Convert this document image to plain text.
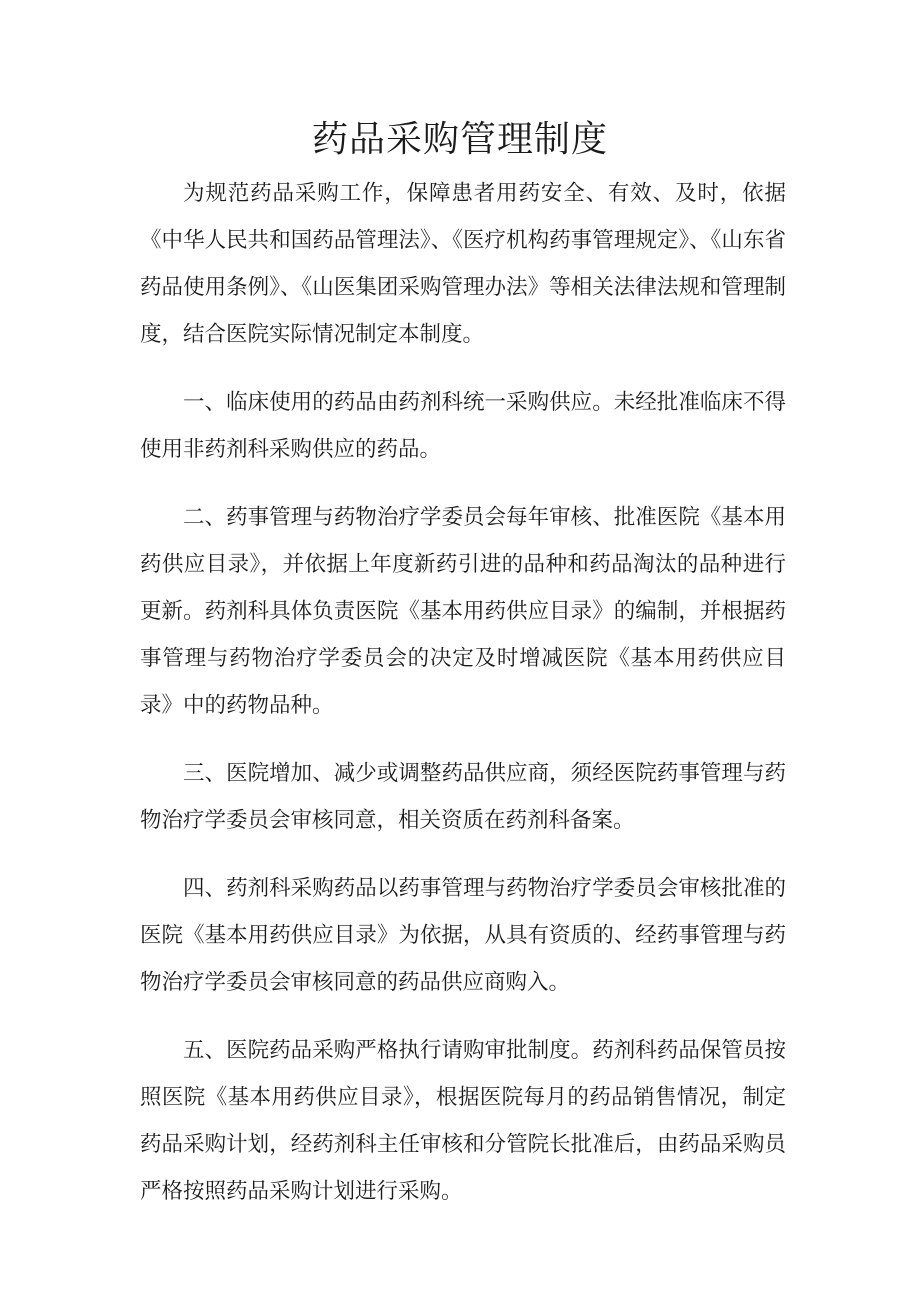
药品采购管理制度

为规范药品采购工作，保障患者用药安全、有效、及时，依据《中华人民共和国药品管理法》、《医疗机构药事管理规定》、《山东省药品使用条例》、《山医集团采购管理办法》等相关法律法规和管理制度，结合医院实际情况制定本制度。

一、临床使用的药品由药剂科统一采购供应。未经批准临床不得使用非药剂科采购供应的药品。

二、药事管理与药物治疗学委员会每年审核、批准医院《基本用药供应目录》，并依据上年度新药引进的品种和药品淘汰的品种进行更新。药剂科具体负责医院《基本用药供应目录》的编制，并根据药事管理与药物治疗学委员会的决定及时增减医院《基本用药供应目录》中的药物品种。

三、医院增加、减少或调整药品供应商，须经医院药事管理与药物治疗学委员会审核同意，相关资质在药剂科备案。

四、药剂科采购药品以药事管理与药物治疗学委员会审核批准的医院《基本用药供应目录》为依据，从具有资质的、经药事管理与药物治疗学委员会审核同意的药品供应商购入。

五、医院药品采购严格执行请购审批制度。药剂科药品保管员按照医院《基本用药供应目录》，根据医院每月的药品销售情况，制定药品采购计划，经药剂科主任审核和分管院长批准后，由药品采购员严格按照药品采购计划进行采购。
